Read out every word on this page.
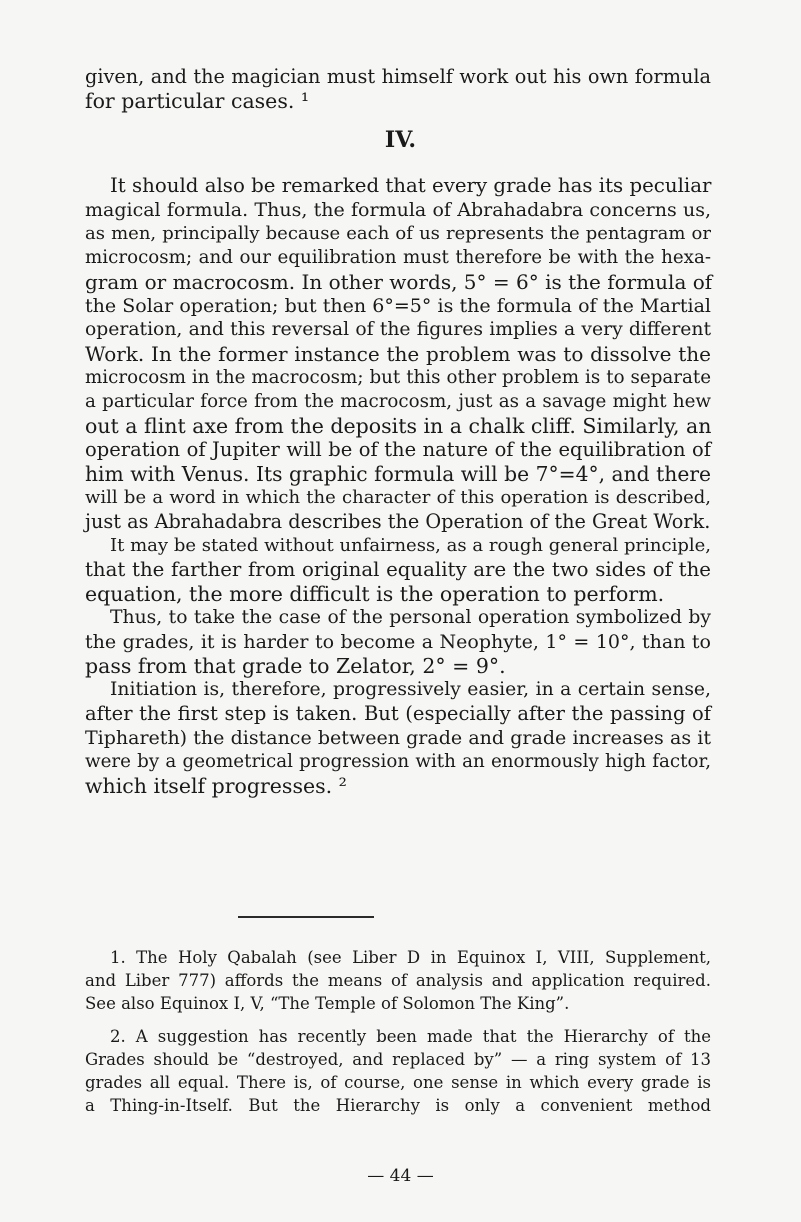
given, and the magician must himself work out his own formula
for particular cases. ¹
IV.
It should also be remarked that every grade has its peculiar
magical formula. Thus, the formula of Abrahadabra concerns us,
as men, principally because each of us represents the pentagram or
microcosm; and our equilibration must therefore be with the hexa-
gram or macrocosm. In other words, 5° = 6° is the formula of
the Solar operation; but then 6°=5° is the formula of the Martial
operation, and this reversal of the figures implies a very different
Work. In the former instance the problem was to dissolve the
microcosm in the macrocosm; but this other problem is to separate
a particular force from the macrocosm, just as a savage might hew
out a flint axe from the deposits in a chalk cliff. Similarly, an
operation of Jupiter will be of the nature of the equilibration of
him with Venus. Its graphic formula will be 7°=4°, and there
will be a word in which the character of this operation is described,
just as Abrahadabra describes the Operation of the Great Work.
It may be stated without unfairness, as a rough general principle,
that the farther from original equality are the two sides of the
equation, the more difficult is the operation to perform.
Thus, to take the case of the personal operation symbolized by
the grades, it is harder to become a Neophyte, 1° = 10°, than to
pass from that grade to Zelator, 2° = 9°.
Initiation is, therefore, progressively easier, in a certain sense,
after the first step is taken. But (especially after the passing of
Tiphareth) the distance between grade and grade increases as it
were by a geometrical progression with an enormously high factor,
which itself progresses. ²
1. The Holy Qabalah (see Liber D in Equinox I, VIII, Supplement,
and Liber 777) affords the means of analysis and application required.
See also Equinox I, V, “The Temple of Solomon The King”.
2. A suggestion has recently been made that the Hierarchy of the
Grades should be “destroyed, and replaced by” — a ring system of 13
grades all equal. There is, of course, one sense in which every grade is
a Thing-in-Itself. But the Hierarchy is only a convenient method
— 44 —
